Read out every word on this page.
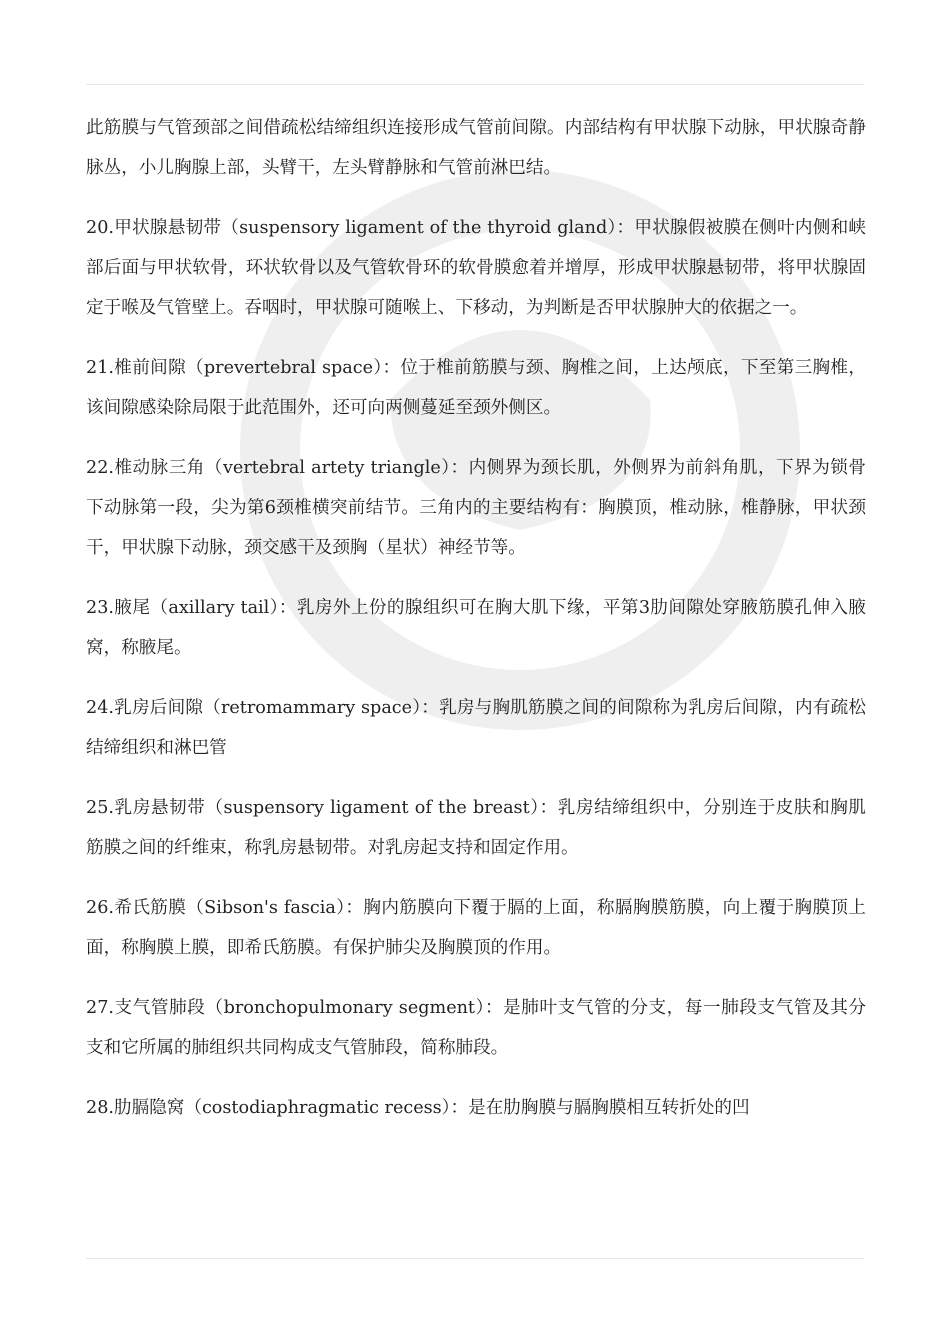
此筋膜与气管颈部之间借疏松结缔组织连接形成气管前间隙。内部结构有甲状腺下动脉，甲状腺奇静脉丛，小儿胸腺上部，头臂干，左头臂静脉和气管前淋巴结。

20.甲状腺悬韧带（suspensory ligament of the thyroid gland）：甲状腺假被膜在侧叶内侧和峡部后面与甲状软骨，环状软骨以及气管软骨环的软骨膜愈着并增厚，形成甲状腺悬韧带，将甲状腺固定于喉及气管壁上。吞咽时，甲状腺可随喉上、下移动，为判断是否甲状腺肿大的依据之一。

21.椎前间隙（prevertebral space）：位于椎前筋膜与颈、胸椎之间，上达颅底，下至第三胸椎，该间隙感染除局限于此范围外，还可向两侧蔓延至颈外侧区。

22.椎动脉三角（vertebral artety triangle）：内侧界为颈长肌，外侧界为前斜角肌，下界为锁骨下动脉第一段，尖为第6颈椎横突前结节。三角内的主要结构有：胸膜顶，椎动脉，椎静脉，甲状颈干，甲状腺下动脉，颈交感干及颈胸（星状）神经节等。

23.腋尾（axillary tail）：乳房外上份的腺组织可在胸大肌下缘，平第3肋间隙处穿腋筋膜孔伸入腋窝，称腋尾。

24.乳房后间隙（retromammary space）：乳房与胸肌筋膜之间的间隙称为乳房后间隙，内有疏松结缔组织和淋巴管

25.乳房悬韧带（suspensory ligament of the breast）：乳房结缔组织中，分别连于皮肤和胸肌筋膜之间的纤维束，称乳房悬韧带。对乳房起支持和固定作用。

26.希氏筋膜（Sibson's fascia）：胸内筋膜向下覆于膈的上面，称膈胸膜筋膜，向上覆于胸膜顶上面，称胸膜上膜，即希氏筋膜。有保护肺尖及胸膜顶的作用。

27.支气管肺段（bronchopulmonary segment）：是肺叶支气管的分支，每一肺段支气管及其分支和它所属的肺组织共同构成支气管肺段，简称肺段。

28.肋膈隐窝（costodiaphragmatic recess）：是在肋胸膜与膈胸膜相互转折处的凹
